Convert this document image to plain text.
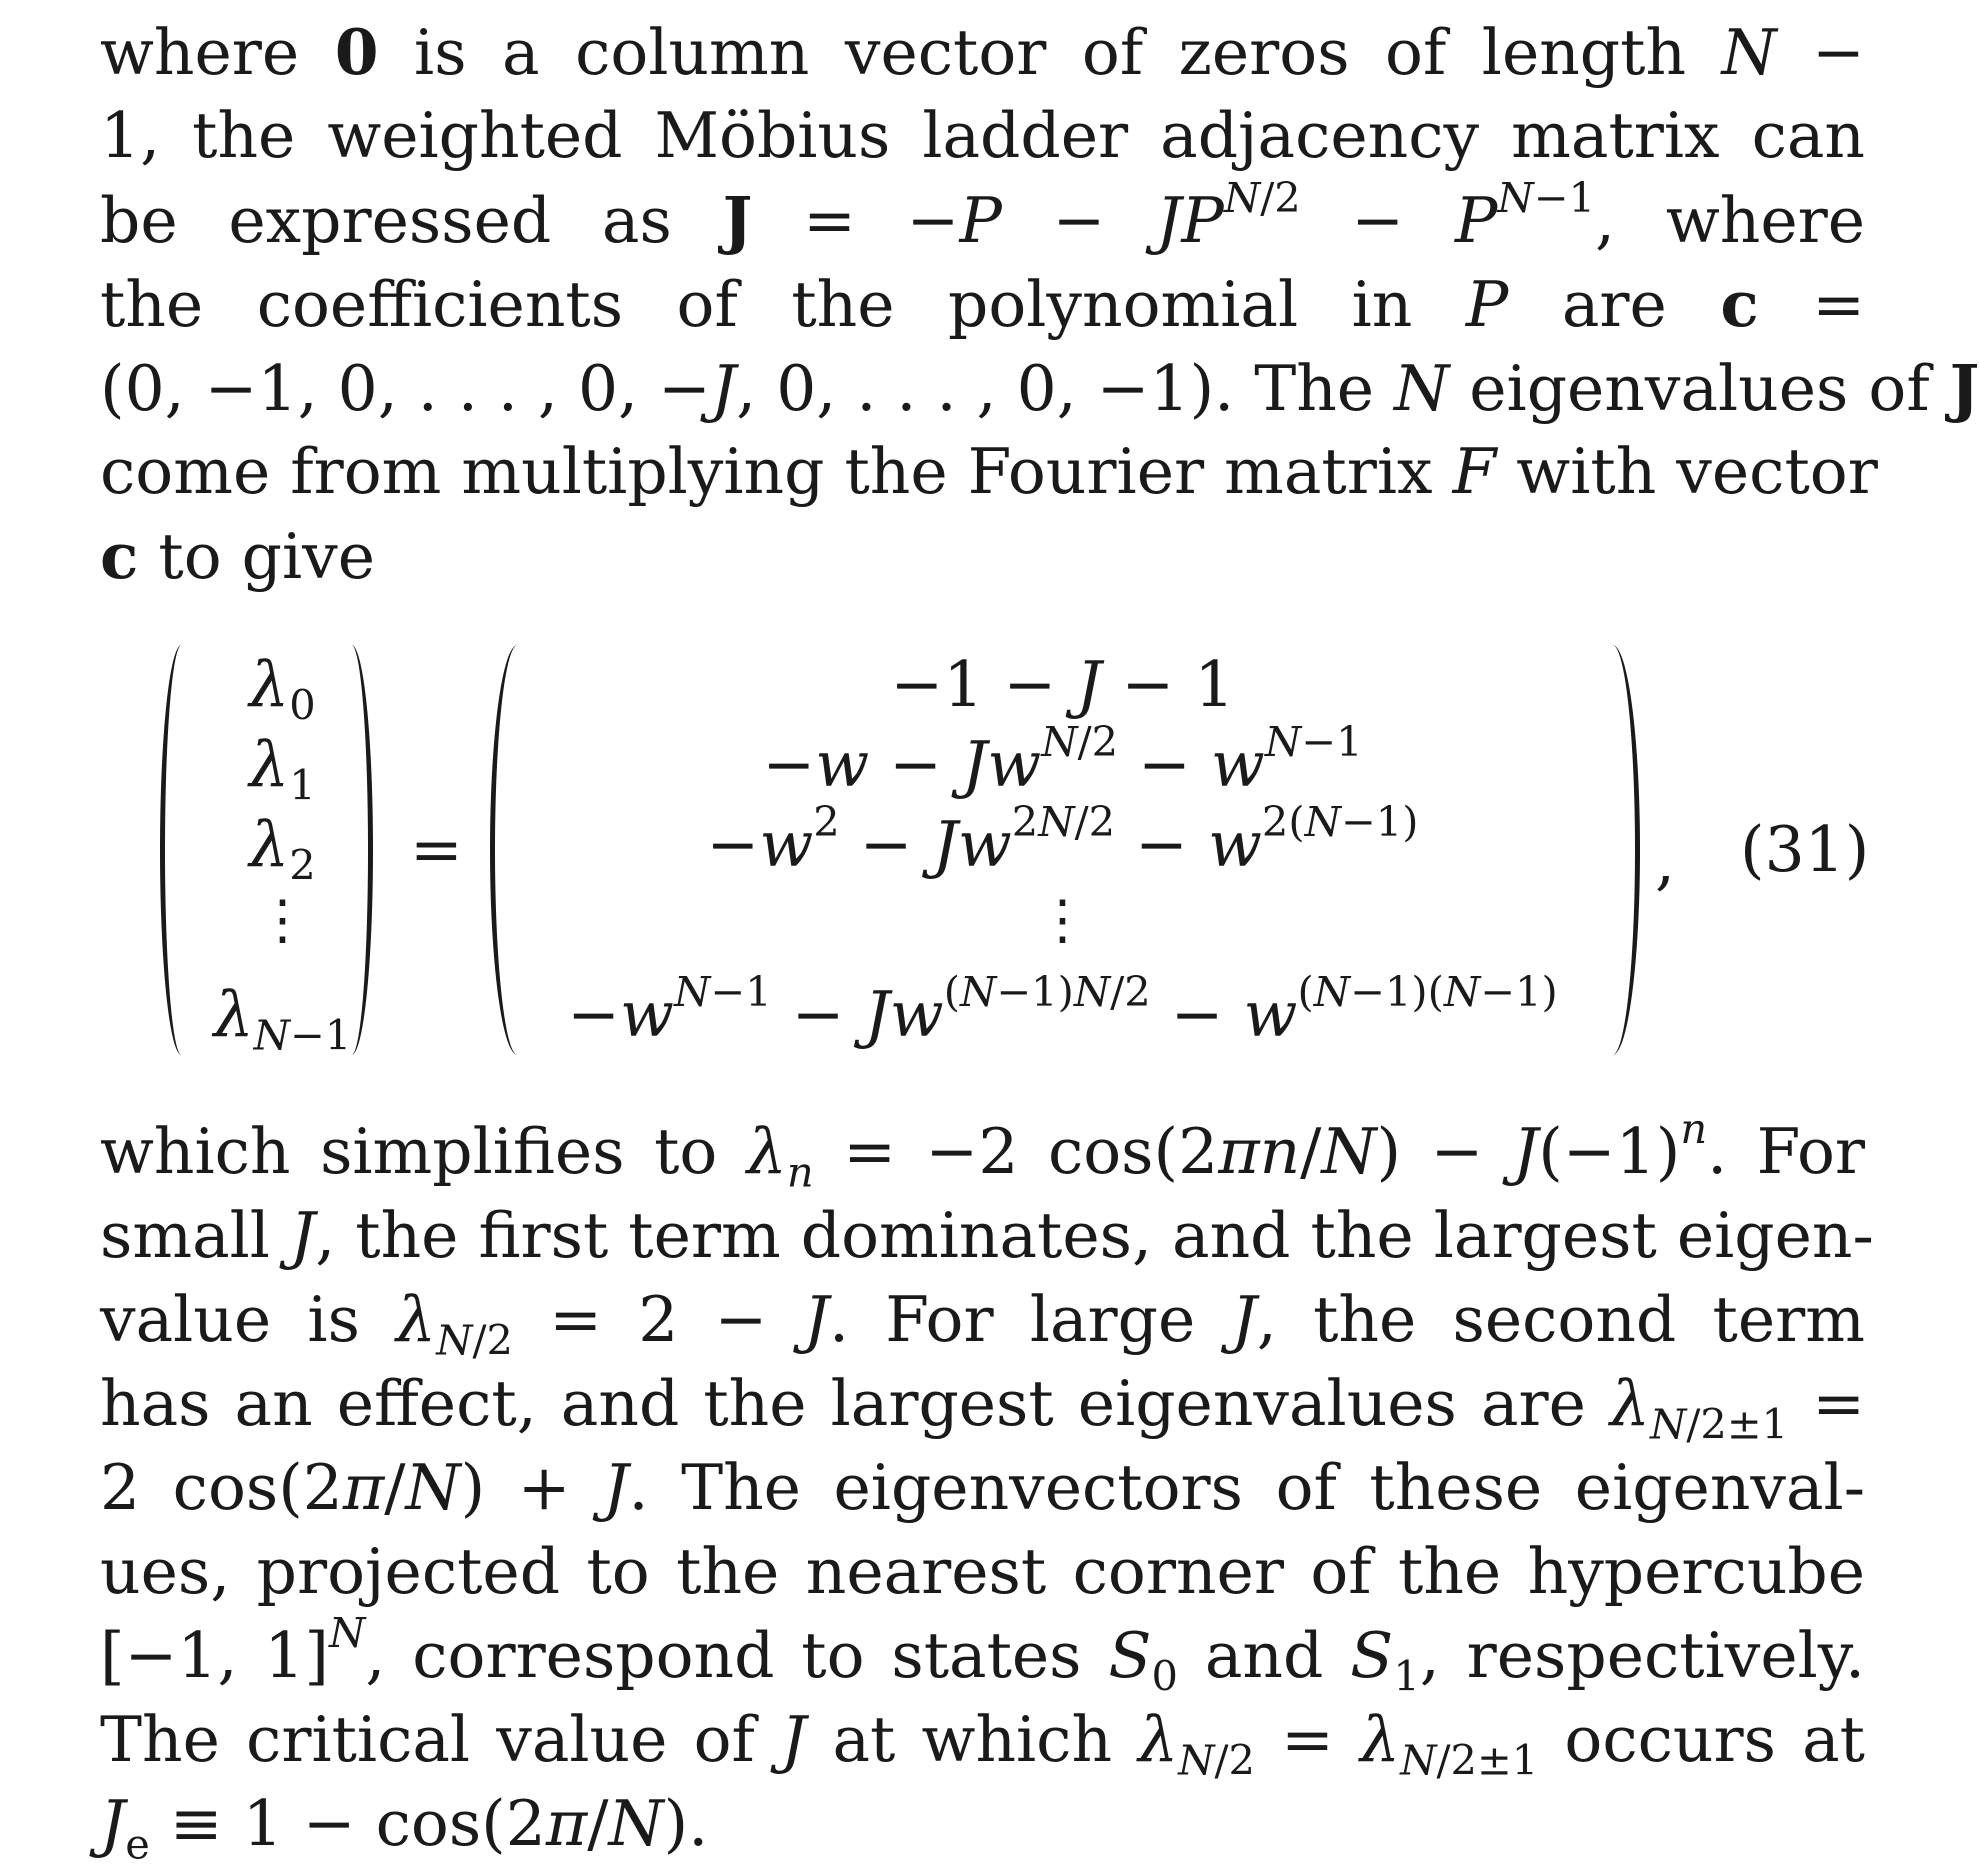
where 0 is a column vector of zeros of length N −
1, the weighted Möbius ladder adjacency matrix can
be expressed as $J = -P - JP^{N/2} - P^{N-1}$, where
the coefficients of the polynomial in P are c =
(0, −1, 0, . . . , 0, −J, 0, . . . , 0, −1). The N eigenvalues of J
come from multiplying the Fourier matrix F with vector
c to give
$\lambda_0$
$\lambda_1$
$\lambda_2$
⋮
$\lambda_{N-1}$
=
−1 − J − 1
$-w - Jw^{N/2} - w^{N-1}$
$-w^2 - Jw^{2N/2} - w^{2(N-1)}$
⋮
$-w^{N-1} - Jw^{(N-1)N/2} - w^{(N-1)(N-1)}$
, (31)
which simplifies to $\lambda_n = -2$ $\cos(2\pi n/N) - J(-1)^n$. For
small J, the first term dominates, and the largest eigen-
value is $\lambda_{N/2} = 2 - J$. For large J, the second term
has an effect, and the largest eigenvalues are $\lambda_{N/2\pm 1}$ =
2 cos(2π/N) + J. The eigenvectors of these eigenval-
ues, projected to the nearest corner of the hypercube
[−1, 1]$^N$, correspond to states $S_0$ and $S_1$, respectively.
The critical value of J at which $\lambda_{N/2} = \lambda_{N/2\pm 1}$ occurs at
$J_e \equiv 1 - \cos(2\pi/N)$.
